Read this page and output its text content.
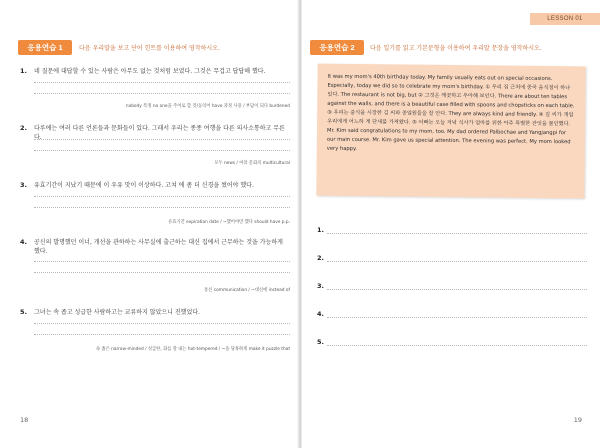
응용연습 1	다음 우리말을 보고 단어 힌트를 이용하여 영작하시오.
1. 네 질문에 대답할 수 있는 사람은 아무도 없는 것처럼 보였다. 그것은 무겁고 답답해 했다.
nobody 특정 no one을 주어로 할 것/동의어 have 과정 사용 / 부담이 되다 burdened
2. 다루에는 여러 다른 언론들과 문화들이 있다. 그래서 우리는 종종 여행을 다른 의사소통하고 무른다.
모두 news / 여러 문화의 multicultural
3. 유효기간이 지났기 때문에 이 우유 맛이 이상하다. 고쳐 에 좀 더 신경을 썼어야 했다.
유효기간 expiration date / ~했어야만 했다 should have p.p.
4. 공신의 발명했던 이너, 개선을 관하하는 사무실에 출근하는 대신 집에서 근무하는 것을 가능하게 했다.
통신 communication / ~대신에 instead of
5. 그녀는 속 좁고 성급한 사람하고는 교류하지 않았으니 진했었다.
속 좁은 narrow-minded / 성급한, 화를 잘 내는 hot-tempered / ~을 당혹하게 make it puzzle that
18
LESSON 01
응용연습 2	다음 일기를 읽고 기본문형을 이용하여 우리말 문장을 영작하시오.
It was my mom's 40th birthday today. My family usually eats out on special occasions. Especially, today we did so to celebrate my mom's birthday. ① 우리 집 근처에 중국 음식점이 하나 있다. The restaurant is not big, but ② 그것은 깨끗하고 우아해 보인다. There are about ten tables against the walls, and there is a beautiful case filled with spoons and chopsticks on each table. ③ 우리는 중식을 시장한 김 씨와 종업원들을 잘 안다. They are always kind and friendly. ④ 김 씨가 개업 우리에게 어느하 게 단새를 가져왔다. ⑤ 어빠는 오늘 저녁 식사가 엄마를 위한 아주 특별한 잔엇을 물인했다. Mr. Kim said congratulations to my mom, too. My dad ordered Palbochae and Yangjangpi for our main course. Mr. Kim gave us special attention. The evening was perfect. My mom looked very happy.
1.
2.
3.
4.
5.
19
